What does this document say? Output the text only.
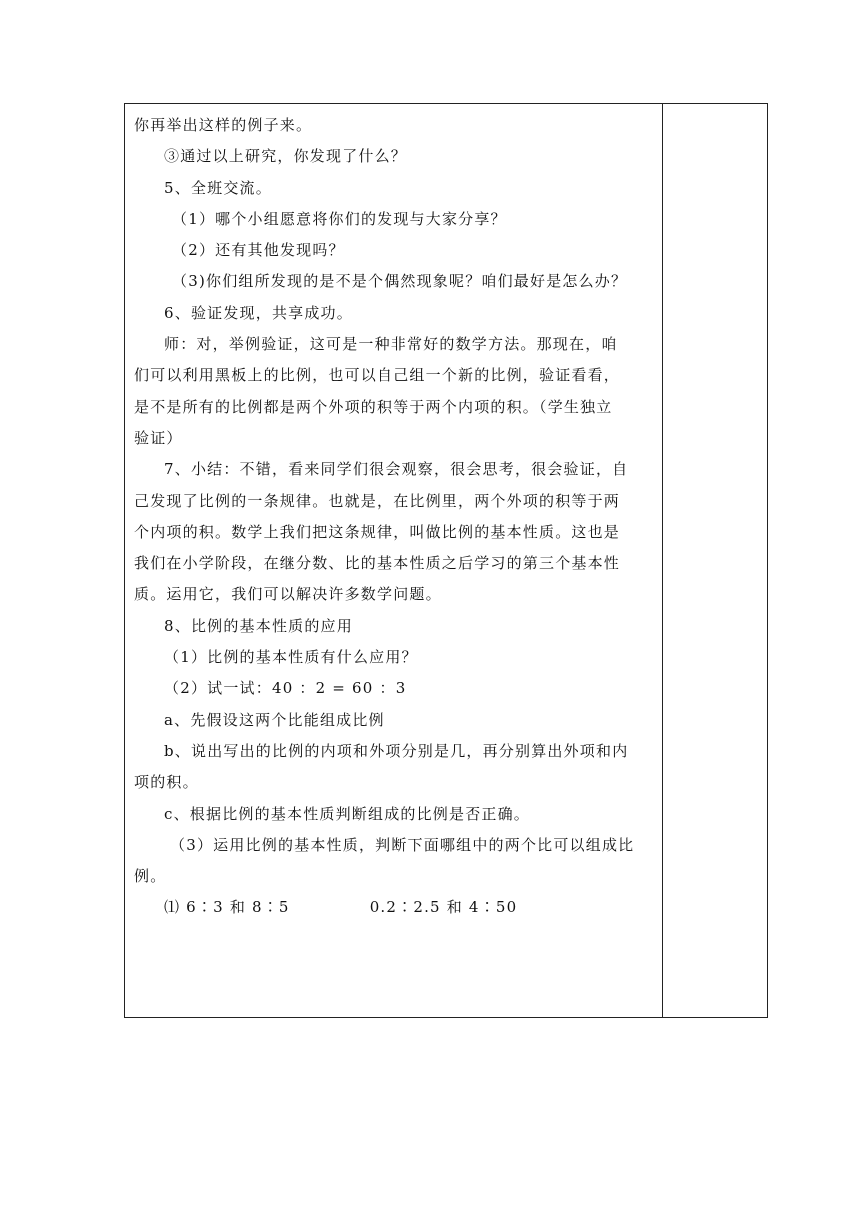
你再举出这样的例子来。

③通过以上研究，你发现了什么？

5、全班交流。

（1）哪个小组愿意将你们的发现与大家分享？

（2）还有其他发现吗？

（3)你们组所发现的是不是个偶然现象呢？咱们最好是怎么办？

6、验证发现，共享成功。

师：对，举例验证，这可是一种非常好的数学方法。那现在，咱

们可以利用黑板上的比例，也可以自己组一个新的比例，验证看看，

是不是所有的比例都是两个外项的积等于两个内项的积。（学生独立

验证）

7、小结：不错，看来同学们很会观察，很会思考，很会验证，自

己发现了比例的一条规律。也就是，在比例里，两个外项的积等于两

个内项的积。数学上我们把这条规律，叫做比例的基本性质。这也是

我们在小学阶段，在继分数、比的基本性质之后学习的第三个基本性

质。运用它，我们可以解决许多数学问题。

8、比例的基本性质的应用

（1）比例的基本性质有什么应用？

（2）试一试：40 ：2 = 60 ：3

a、先假设这两个比能组成比例

b、说出写出的比例的内项和外项分别是几，再分别算出外项和内

项的积。

c、根据比例的基本性质判断组成的比例是否正确。

（3）运用比例的基本性质，判断下面哪组中的两个比可以组成比

例。

⑴ 6∶3 和 8∶5	0.2∶2.5 和 4∶50
